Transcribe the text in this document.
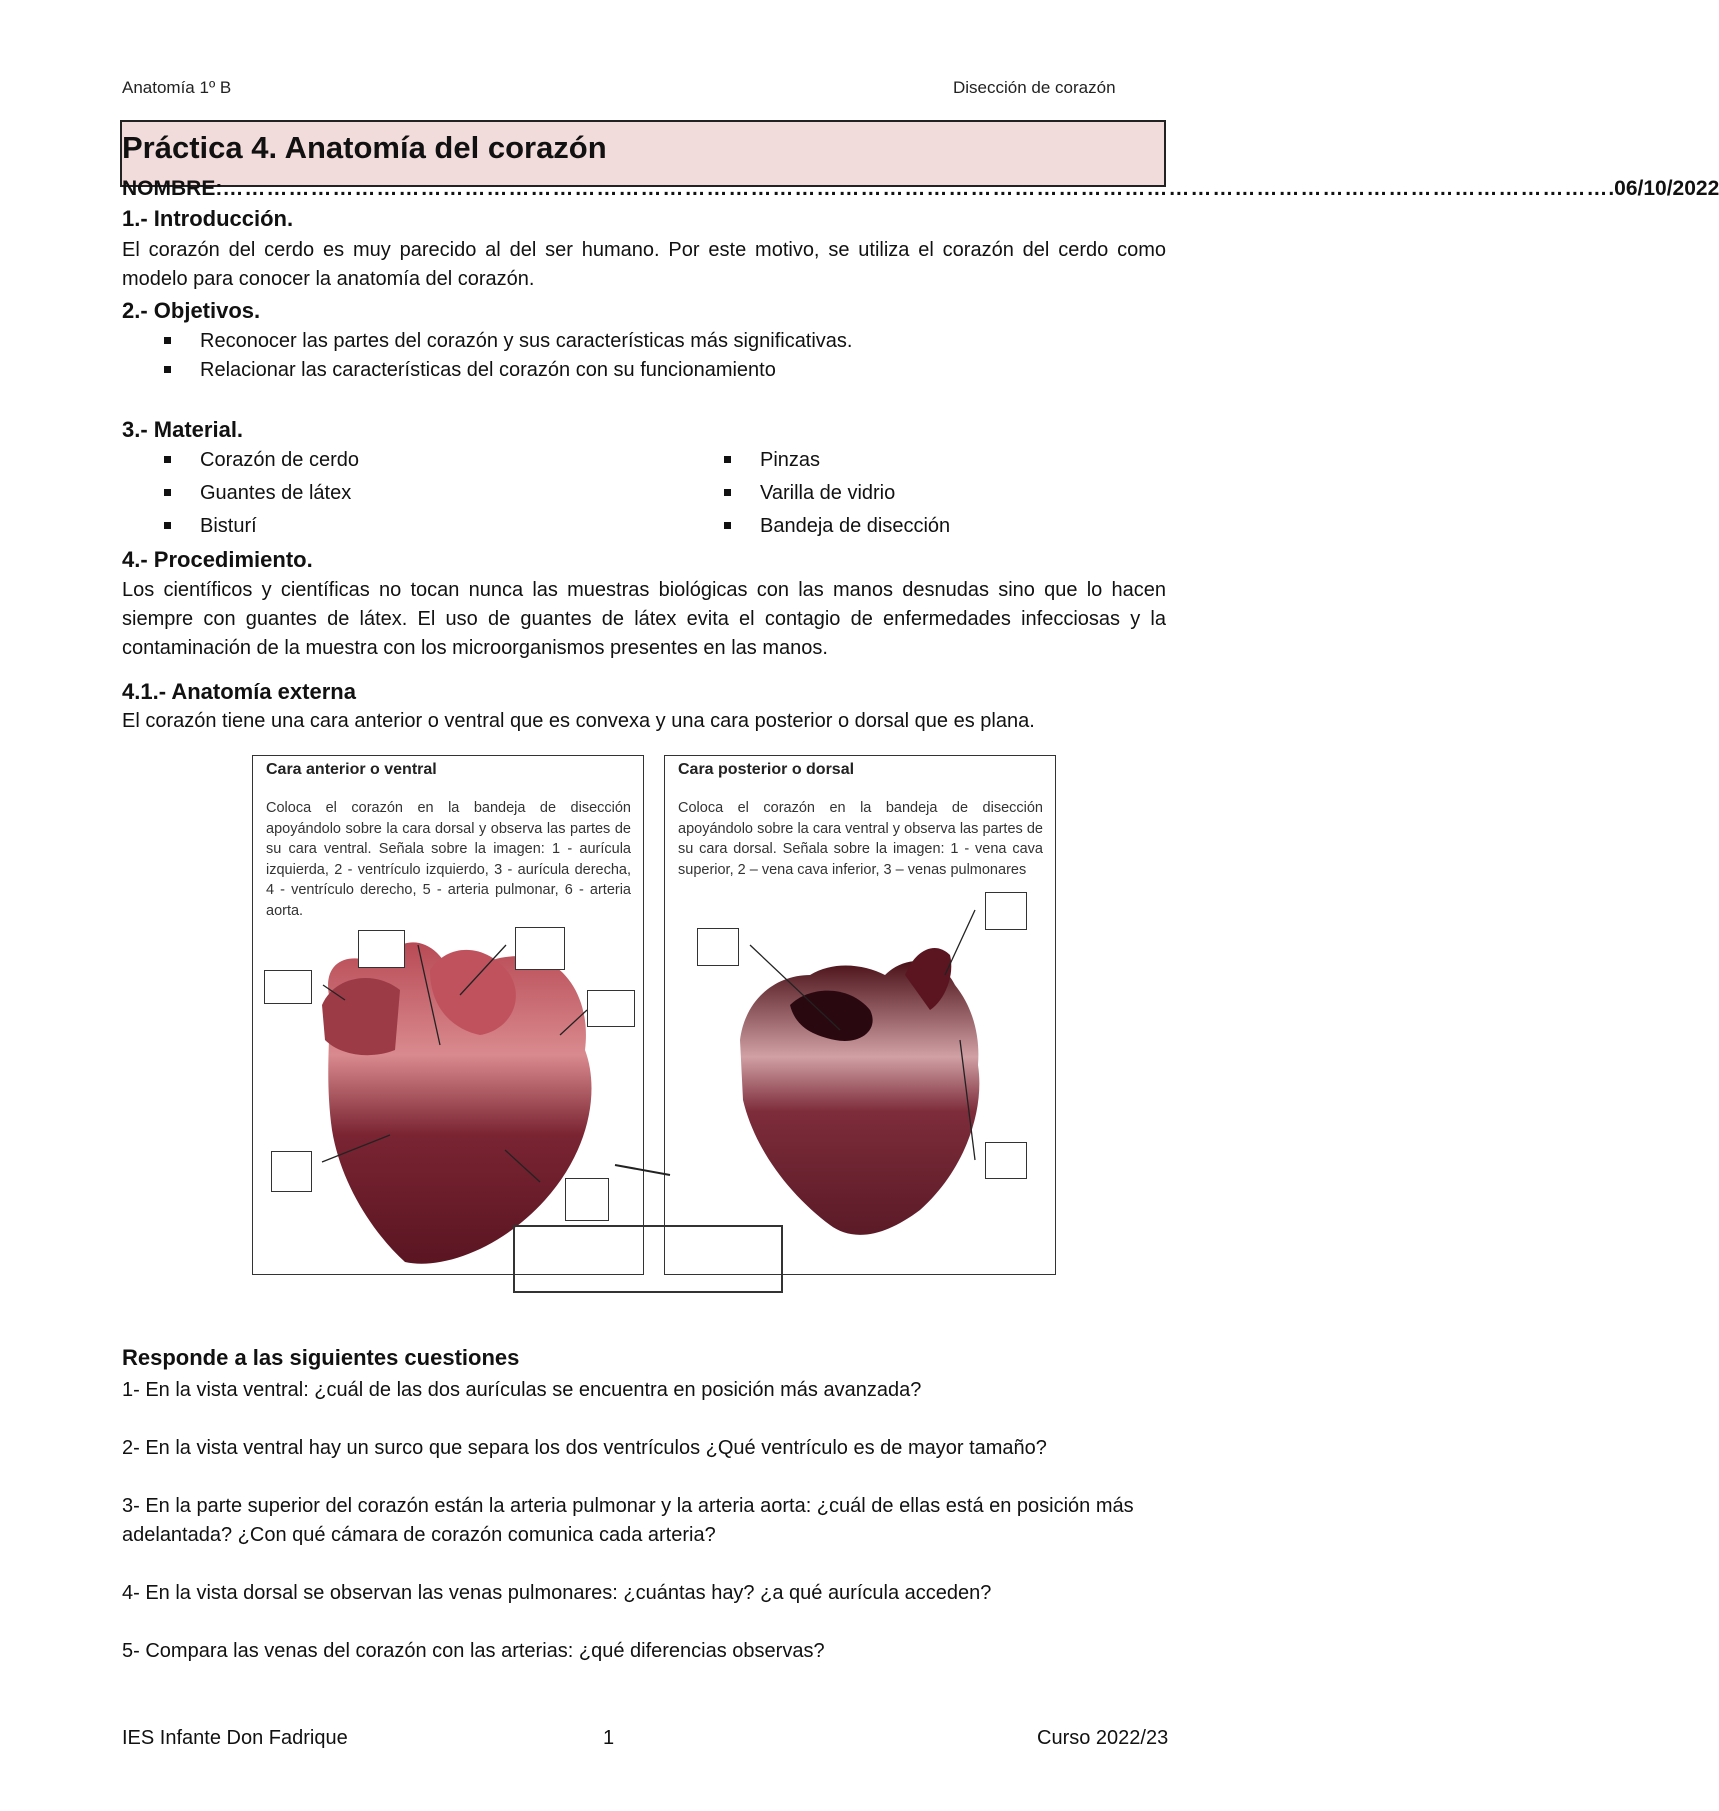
Anatomía 1º B	Disección de corazón
Práctica 4. Anatomía del corazón
NOMBRE: ……………………………………………………………………………………………………………………………………………………………………… .06/10/2022
1.- Introducción.
El corazón del cerdo es muy parecido al del ser humano. Por este motivo, se utiliza el corazón del cerdo como modelo para conocer la anatomía del corazón.
2.- Objetivos.
Reconocer las partes del corazón y sus características más significativas.
Relacionar las características del corazón con su funcionamiento
3.- Material.
Corazón de cerdo
Guantes de látex
Bisturí
Pinzas
Varilla de vidrio
Bandeja de disección
4.- Procedimiento.
Los científicos y científicas no tocan nunca las muestras biológicas con las manos desnudas sino que lo hacen siempre con guantes de látex. El uso de guantes de látex evita el contagio de enfermedades infecciosas y la contaminación de la muestra con los microorganismos presentes en las manos.
4.1.- Anatomía externa
El corazón tiene una cara anterior o ventral que es convexa y una cara posterior o dorsal que es plana.
Cara anterior o ventral
Coloca el corazón en la bandeja de disección apoyándolo sobre la cara dorsal y observa las partes de su cara ventral. Señala sobre la imagen: 1 - aurícula izquierda, 2 - ventrículo izquierdo, 3 - aurícula derecha, 4 - ventrículo derecho, 5 - arteria pulmonar, 6 - arteria aorta.
Cara posterior o dorsal
Coloca el corazón en la bandeja de disección apoyándolo sobre la cara ventral y observa las partes de su cara dorsal. Señala sobre la imagen: 1 - vena cava superior, 2 – vena cava inferior, 3 – venas pulmonares
Responde a las siguientes cuestiones
1- En la vista ventral: ¿cuál de las dos aurículas se encuentra en posición más avanzada?
2- En la vista ventral hay un surco que separa los dos ventrículos ¿Qué ventrículo es de mayor tamaño?
3- En la parte superior del corazón están la arteria pulmonar y la arteria aorta: ¿cuál de ellas está en posición más adelantada? ¿Con qué cámara de corazón comunica cada arteria?
4- En la vista dorsal se observan las venas pulmonares: ¿cuántas hay? ¿a qué aurícula acceden?
5- Compara las venas del corazón con las arterias: ¿qué diferencias observas?
IES Infante Don Fadrique	1	Curso 2022/23
